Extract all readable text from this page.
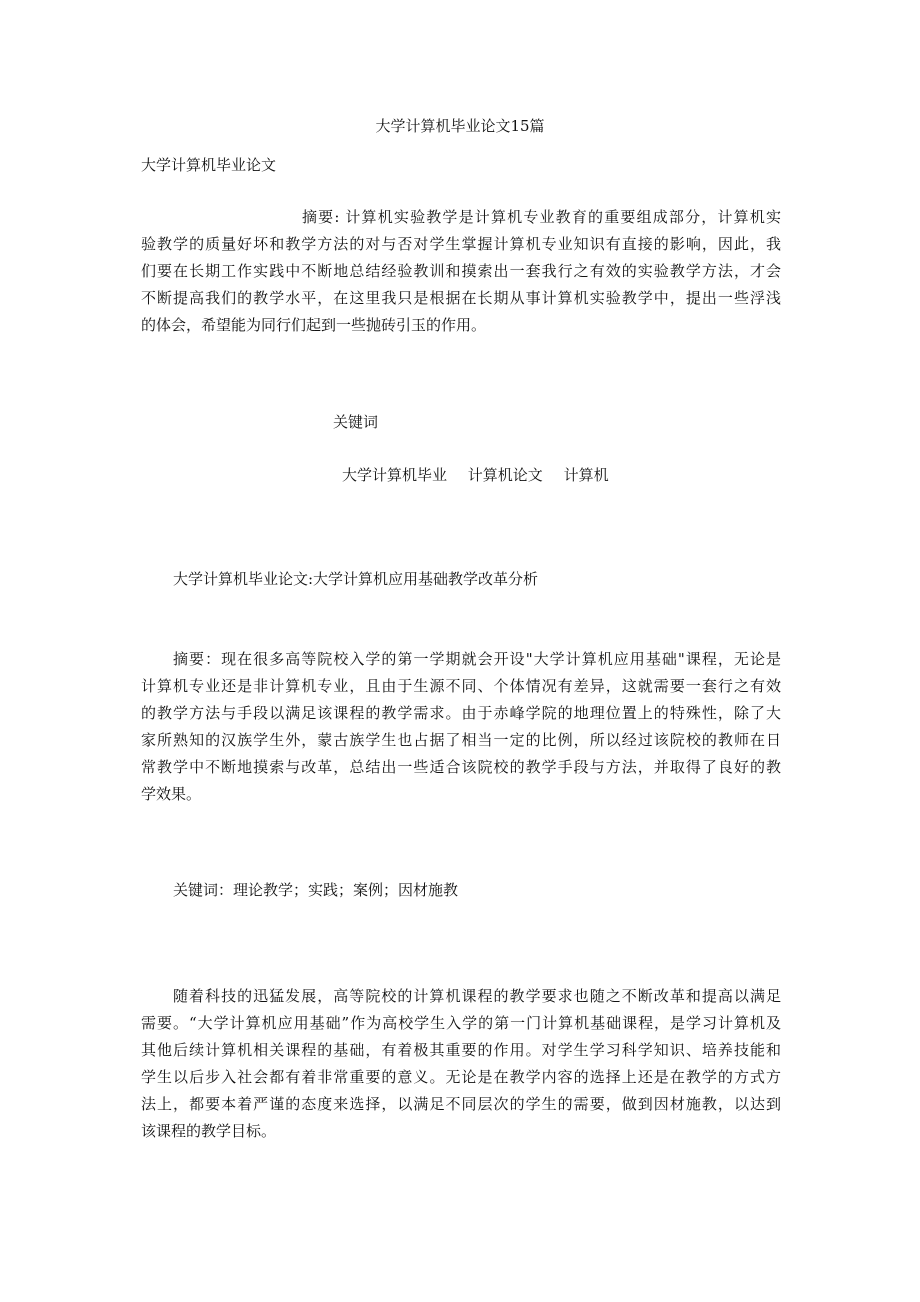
大学计算机毕业论文15篇
大学计算机毕业论文
摘要: 计算机实验教学是计算机专业教育的重要组成部分，计算机实
验教学的质量好坏和教学方法的对与否对学生掌握计算机专业知识有直接的影响，因此，我
们要在长期工作实践中不断地总结经验教训和摸索出一套我行之有效的实验教学方法，才会
不断提高我们的教学水平，在这里我只是根据在长期从事计算机实验教学中，提出一些浮浅
的体会，希望能为同行们起到一些抛砖引玉的作用。
关键词
大学计算机毕业 计算机论文 计算机
大学计算机毕业论文:大学计算机应用基础教学改革分析
摘要：现在很多高等院校入学的第一学期就会开设"大学计算机应用基础"课程，无论是
计算机专业还是非计算机专业，且由于生源不同、个体情况有差异，这就需要一套行之有效
的教学方法与手段以满足该课程的教学需求。由于赤峰学院的地理位置上的特殊性，除了大
家所熟知的汉族学生外，蒙古族学生也占据了相当一定的比例，所以经过该院校的教师在日
常教学中不断地摸索与改革，总结出一些适合该院校的教学手段与方法，并取得了良好的教
学效果。
关键词：理论教学；实践；案例；因材施教
随着科技的迅猛发展，高等院校的计算机课程的教学要求也随之不断改革和提高以满足
需要。“大学计算机应用基础”作为高校学生入学的第一门计算机基础课程，是学习计算机及
其他后续计算机相关课程的基础，有着极其重要的作用。对学生学习科学知识、培养技能和
学生以后步入社会都有着非常重要的意义。无论是在教学内容的选择上还是在教学的方式方
法上，都要本着严谨的态度来选择，以满足不同层次的学生的需要，做到因材施教，以达到
该课程的教学目标。
